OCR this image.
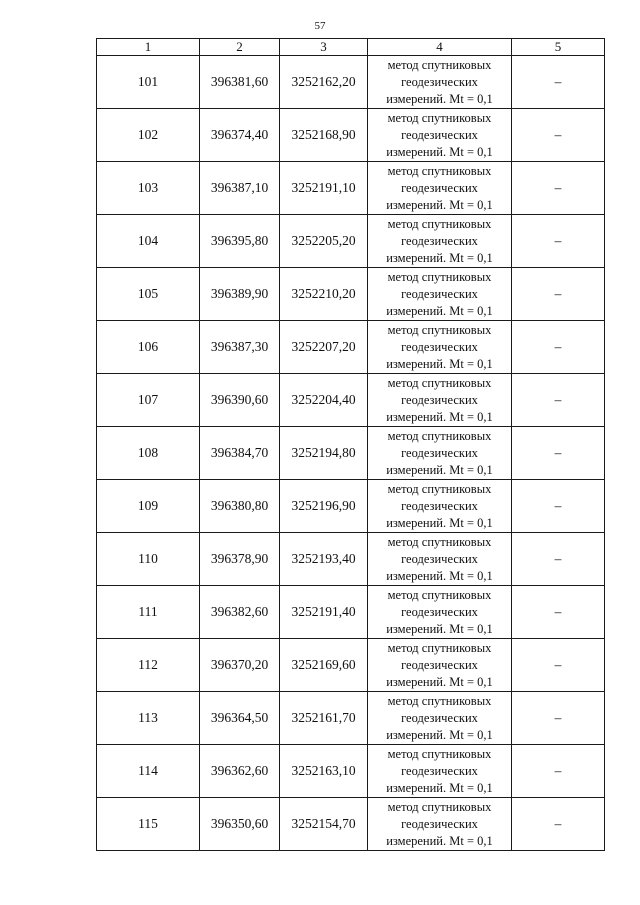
57
1	2	3	4	5
101	396381,60	3252162,20	метод спутниковых
геодезических
измерений. Mt = 0,1	–
102	396374,40	3252168,90	метод спутниковых
геодезических
измерений. Mt = 0,1	–
103	396387,10	3252191,10	метод спутниковых
геодезических
измерений. Mt = 0,1	–
104	396395,80	3252205,20	метод спутниковых
геодезических
измерений. Mt = 0,1	–
105	396389,90	3252210,20	метод спутниковых
геодезических
измерений. Mt = 0,1	–
106	396387,30	3252207,20	метод спутниковых
геодезических
измерений. Mt = 0,1	–
107	396390,60	3252204,40	метод спутниковых
геодезических
измерений. Mt = 0,1	–
108	396384,70	3252194,80	метод спутниковых
геодезических
измерений. Mt = 0,1	–
109	396380,80	3252196,90	метод спутниковых
геодезических
измерений. Mt = 0,1	–
110	396378,90	3252193,40	метод спутниковых
геодезических
измерений. Mt = 0,1	–
111	396382,60	3252191,40	метод спутниковых
геодезических
измерений. Mt = 0,1	–
112	396370,20	3252169,60	метод спутниковых
геодезических
измерений. Mt = 0,1	–
113	396364,50	3252161,70	метод спутниковых
геодезических
измерений. Mt = 0,1	–
114	396362,60	3252163,10	метод спутниковых
геодезических
измерений. Mt = 0,1	–
115	396350,60	3252154,70	метод спутниковых
геодезических
измерений. Mt = 0,1	–
